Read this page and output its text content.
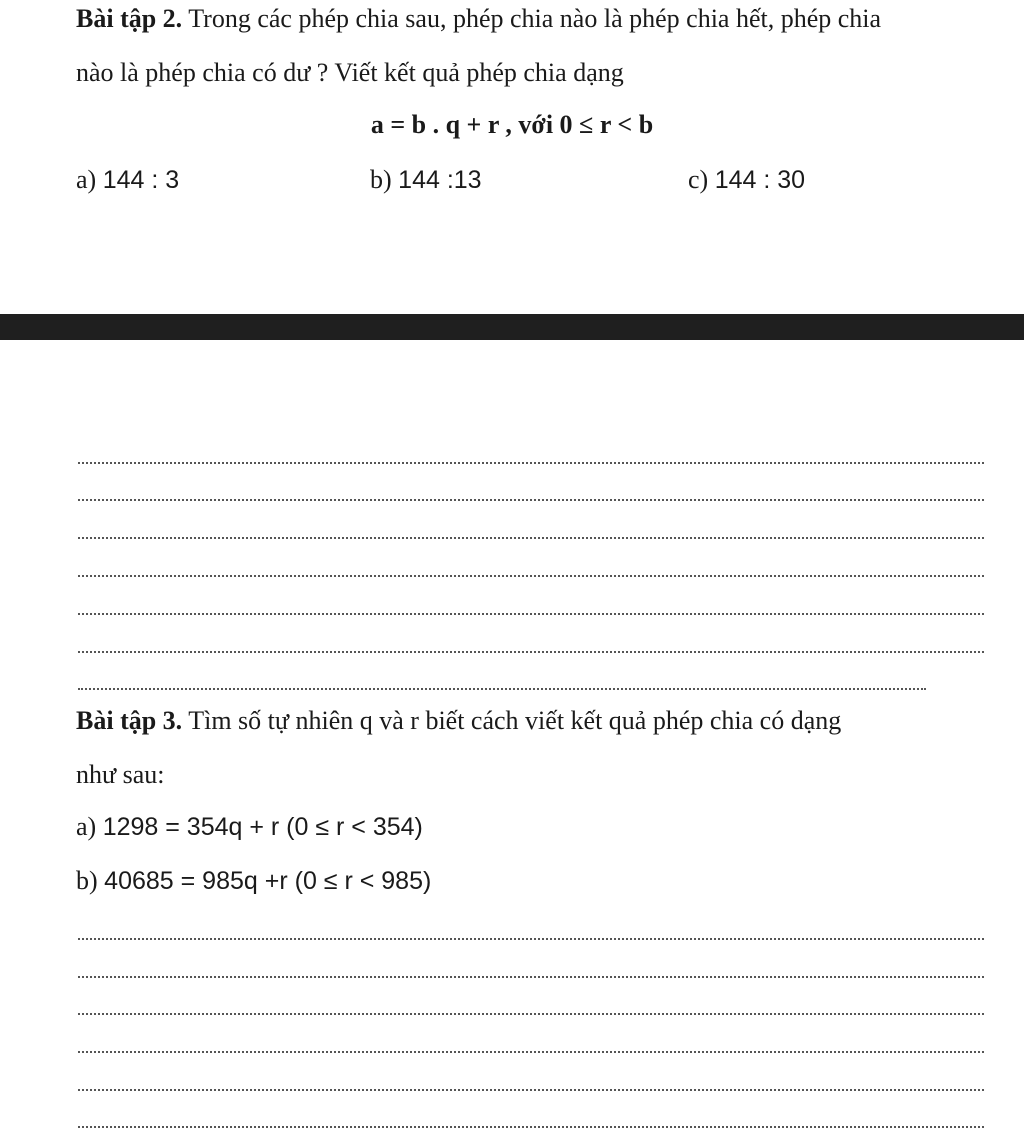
Bài tập 2. Trong các phép chia sau, phép chia nào là phép chia hết, phép chia
nào là phép chia có dư ? Viết kết quả phép chia dạng
a = b . q + r , với 0 ≤ r < b
a) 144 : 3	b) 144 :13	c) 144 : 30
Bài tập 3. Tìm số tự nhiên q và r biết cách viết kết quả phép chia có dạng
như sau:
a) 1298 = 354q + r (0 ≤ r < 354)
b) 40685 = 985q +r (0 ≤ r < 985)
